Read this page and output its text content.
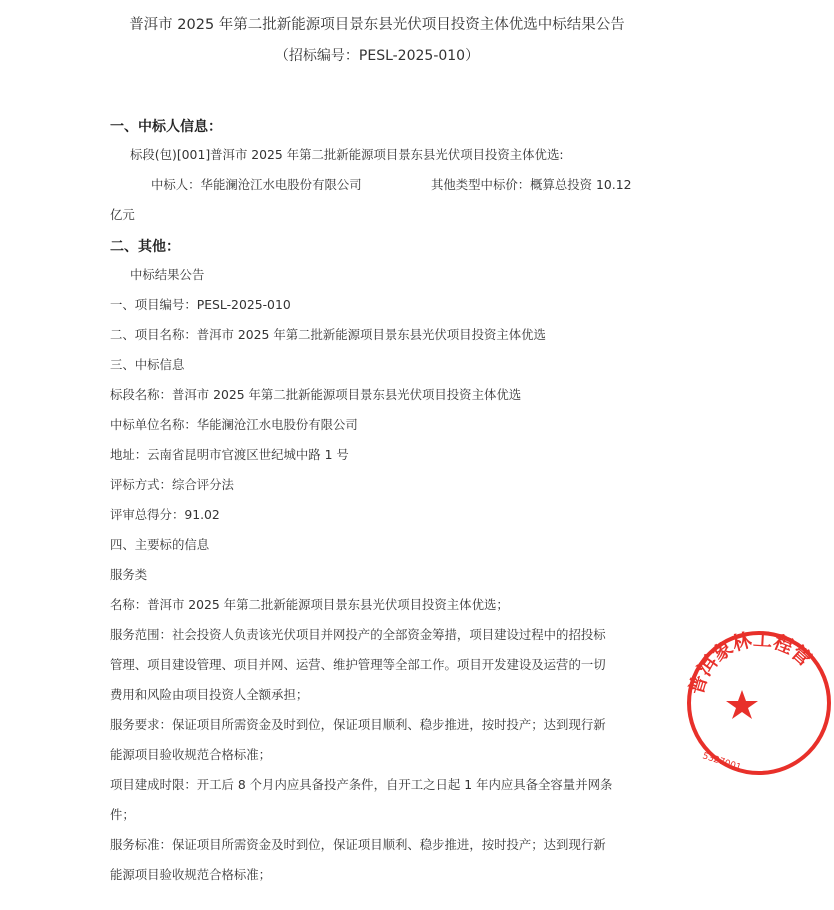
普洱市 2025 年第二批新能源项目景东县光伏项目投资主体优选中标结果公告
（招标编号：PESL-2025-010）
一、中标人信息：
标段(包)[001]普洱市 2025 年第二批新能源项目景东县光伏项目投资主体优选:
中标人：华能澜沧江水电股份有限公司	其他类型中标价：概算总投资 10.12
亿元
二、其他：
中标结果公告
一、项目编号：PESL-2025-010
二、项目名称：普洱市 2025 年第二批新能源项目景东县光伏项目投资主体优选
三、中标信息
标段名称：普洱市 2025 年第二批新能源项目景东县光伏项目投资主体优选
中标单位名称：华能澜沧江水电股份有限公司
地址：云南省昆明市官渡区世纪城中路 1 号
评标方式：综合评分法
评审总得分：91.02
四、主要标的信息
服务类
名称：普洱市 2025 年第二批新能源项目景东县光伏项目投资主体优选；
服务范围：社会投资人负责该光伏项目并网投产的全部资金筹措，项目建设过程中的招投标
管理、项目建设管理、项目并网、运营、维护管理等全部工作。项目开发建设及运营的一切
费用和风险由项目投资人全额承担；
服务要求：保证项目所需资金及时到位，保证项目顺利、稳步推进，按时投产；达到现行新
能源项目验收规范合格标准；
项目建成时限：开工后 8 个月内应具备投产条件，自开工之日起 1 年内应具备全容量并网条
件；
服务标准：保证项目所需资金及时到位，保证项目顺利、稳步推进，按时投产；达到现行新
能源项目验收规范合格标准；
普洱象林工程管
5327001
